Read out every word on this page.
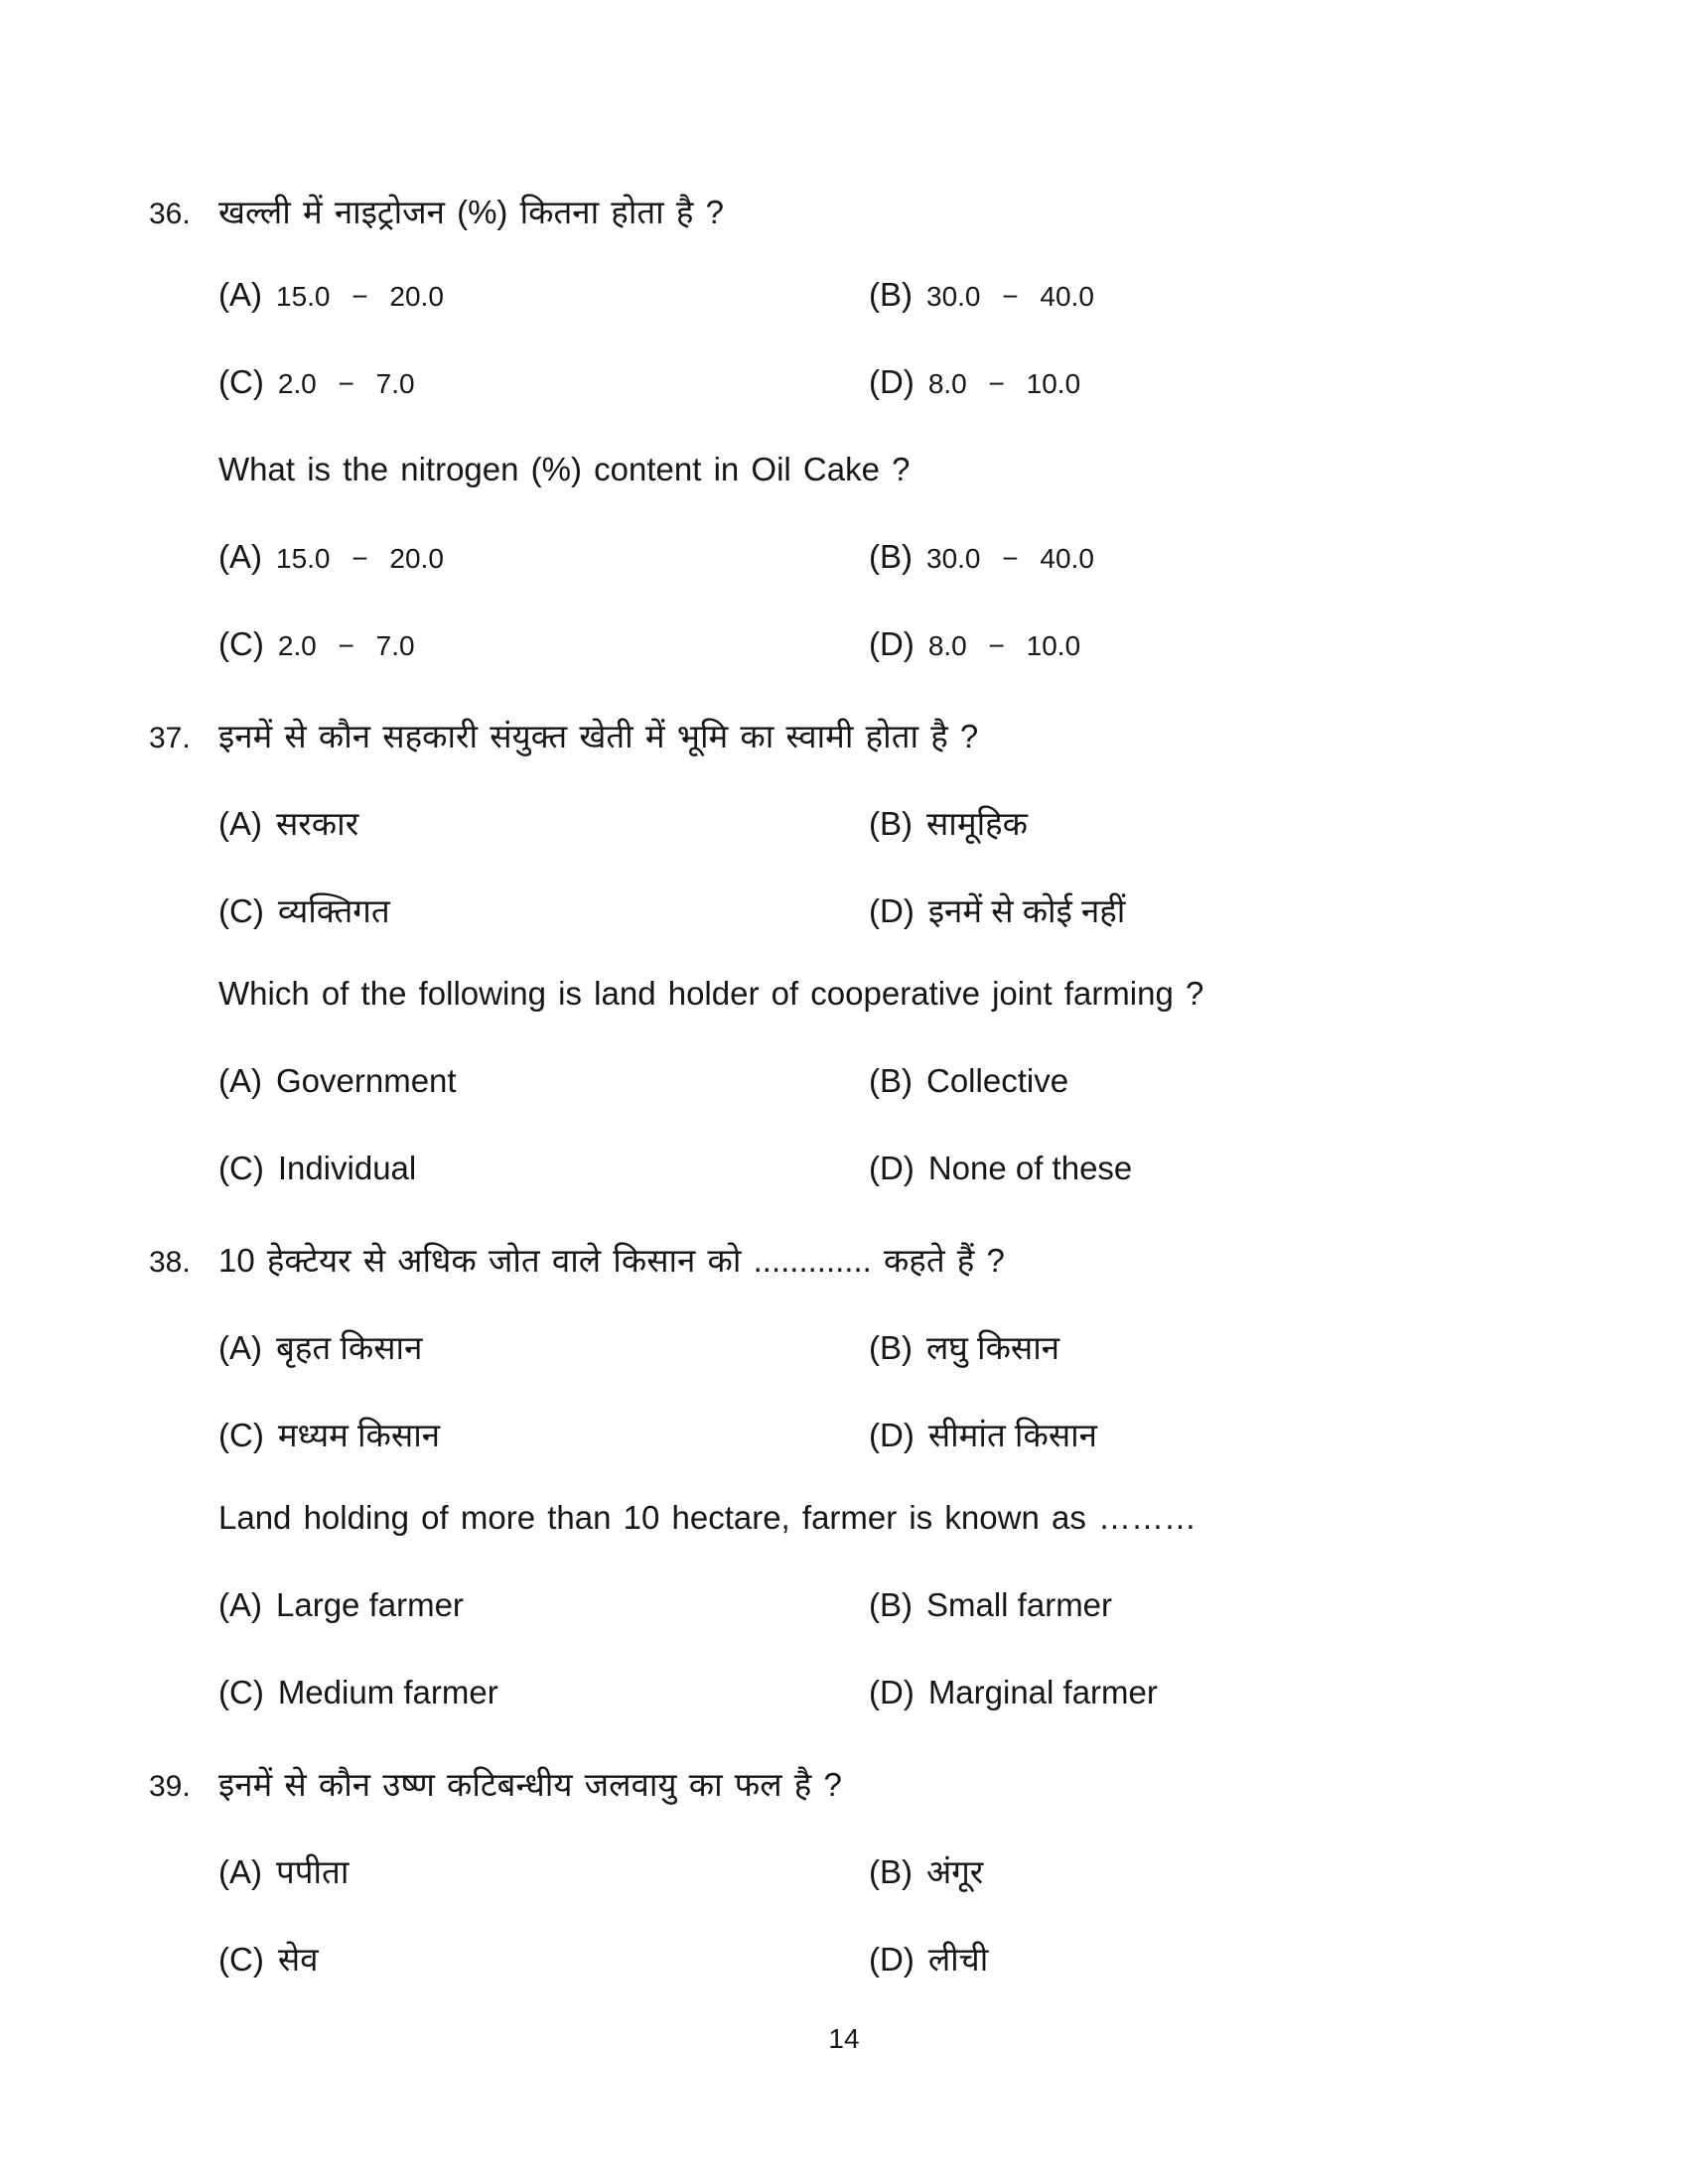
36. खल्ली में नाइट्रोजन (%) कितना होता है ?
(A) 15.0 − 20.0	(B) 30.0 − 40.0
(C) 2.0 − 7.0	(D) 8.0 − 10.0
What is the nitrogen (%) content in Oil Cake ?
(A) 15.0 − 20.0	(B) 30.0 − 40.0
(C) 2.0 − 7.0	(D) 8.0 − 10.0
37. इनमें से कौन सहकारी संयुक्त खेती में भूमि का स्वामी होता है ?
(A) सरकार	(B) सामूहिक
(C) व्यक्तिगत	(D) इनमें से कोई नहीं
Which of the following is land holder of cooperative joint farming ?
(A) Government	(B) Collective
(C) Individual	(D) None of these
38. 10 हेक्टेयर से अधिक जोत वाले किसान को ............. कहते हैं ?
(A) बृहत किसान	(B) लघु किसान
(C) मध्यम किसान	(D) सीमांत किसान
Land holding of more than 10 hectare, farmer is known as ………
(A) Large farmer	(B) Small farmer
(C) Medium farmer	(D) Marginal farmer
39. इनमें से कौन उष्ण कटिबन्धीय जलवायु का फल है ?
(A) पपीता	(B) अंगूर
(C) सेव	(D) लीची
14
